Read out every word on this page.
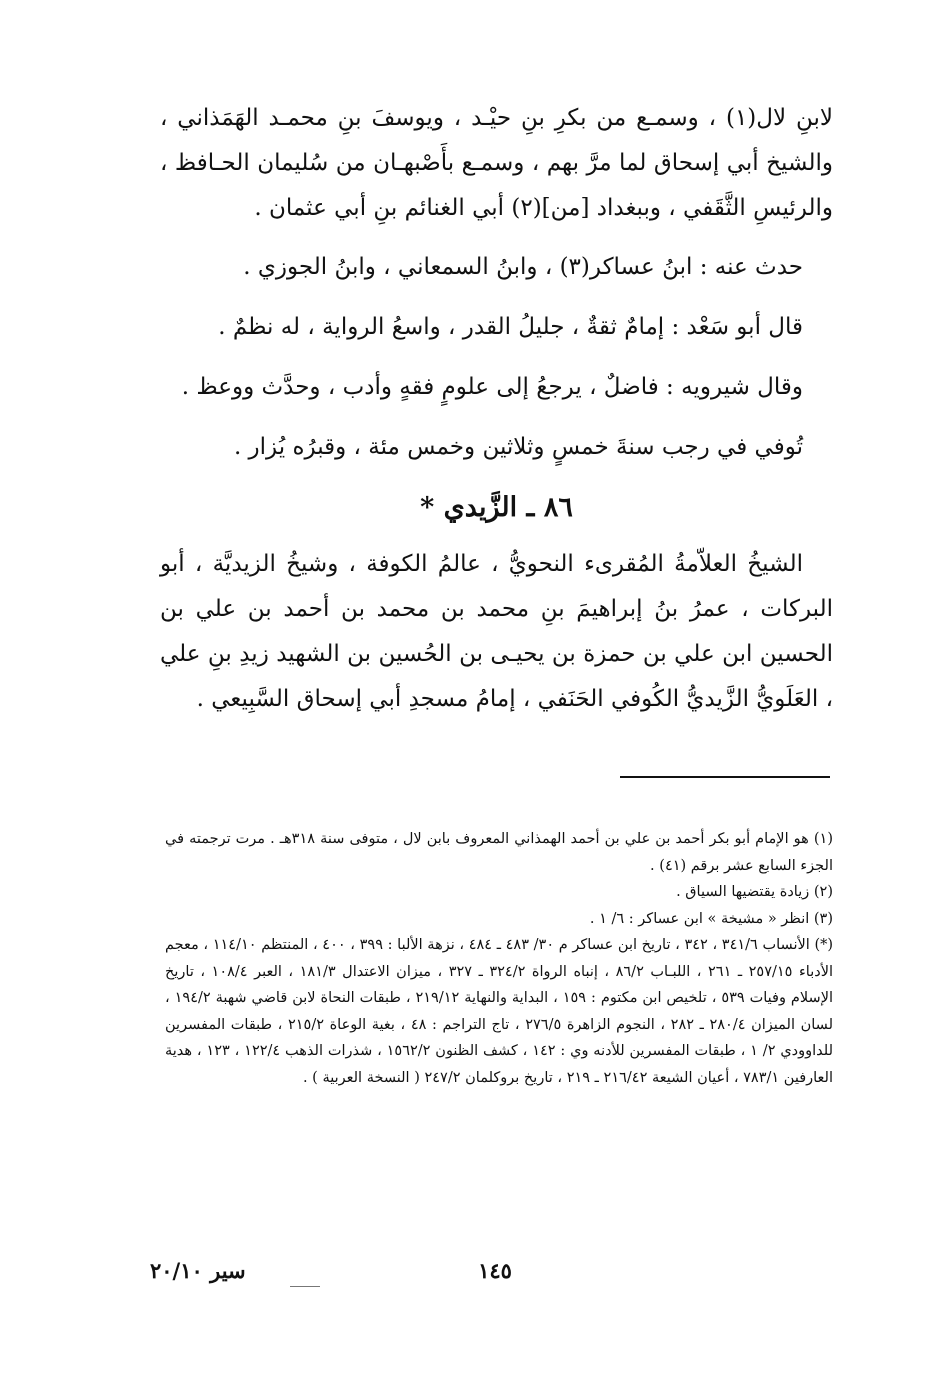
لابنِ لال(١) ، وسمـع من بكرِ بنِ حيْـد ، ويوسفَ بنِ محمـد الهَمَذاني ، والشيخ أبي إسحاق لما مرَّ بهم ، وسمـع بأَصْبهـان من سُليمان الحـافظ ، والرئيسِ الثَّقَفي ، وببغداد [من](٢) أبي الغنائم بنِ أبي عثمان .

حدث عنه : ابنُ عساكر(٣) ، وابنُ السمعاني ، وابنُ الجوزي .

قال أبو سَعْد : إمامٌ ثقةٌ ، جليلُ القدر ، واسعُ الرواية ، له نظمٌ .

وقال شيرويه : فاضلٌ ، يرجعُ إلى علومٍ فقهٍ وأدب ، وحدَّث ووعظ .

تُوفي في رجب سنةَ خمسٍ وثلاثين وخمس مئة ، وقبرُه يُزار .

٨٦ ـ الزَّيدي *

الشيخُ العلاّمةُ المُقرىء النحويُّ ، عالمُ الكوفة ، وشيخُ الزيديَّة ، أبو البركات ، عمرُ بنُ إبراهيمَ بنِ محمد بن محمد بن أحمد بن علي بن الحسين ابن علي بن حمزة بن يحيـى بن الحُسين بن الشهيد زيدِ بنِ علي ، العَلَويُّ الزَّيديُّ الكُوفي الحَنَفي ، إمامُ مسجدِ أبي إسحاق السَّبِيعي .

(١) هو الإمام أبو بكر أحمد بن علي بن أحمد الهمذاني المعروف بابن لال ، متوفى سنة ٣١٨هـ . مرت ترجمته في الجزء السابع عشر برقم (٤١) .

(٢) زيادة يقتضيها السياق .

(٣) انظر « مشيخة » ابن عساكر : ٦/ ١ .

(*) الأنساب ٣٤١/٦ ، ٣٤٢ ، تاريخ ابن عساكر م ٣٠/ ٤٨٣ ـ ٤٨٤ ، نزهة الألبا : ٣٩٩ ، ٤٠٠ ، المنتظم ١١٤/١٠ ، معجم الأدباء ٢٥٧/١٥ ـ ٢٦١ ، اللبـاب ٨٦/٢ ، إنباه الرواة ٣٢٤/٢ ـ ٣٢٧ ، ميزان الاعتدال ١٨١/٣ ، العبر ١٠٨/٤ ، تاريخ الإسلام وفيات ٥٣٩ ، تلخيص ابن مكتوم : ١٥٩ ، البداية والنهاية ٢١٩/١٢ ، طبقات النحاة لابن قاضي شهبة ١٩٤/٢ ، لسان الميزان ٢٨٠/٤ ـ ٢٨٢ ، النجوم الزاهرة ٢٧٦/٥ ، تاج التراجم : ٤٨ ، بغية الوعاة ٢١٥/٢ ، طبقات المفسرين للداوودي ٢/ ١ ، طبقات المفسرين للأدنه وي : ١٤٢ ، كشف الظنون ١٥٦٢/٢ ، شذرات الذهب ١٢٢/٤ ، ١٢٣ ، هدية العارفين ٧٨٣/١ ، أعيان الشيعة ٢١٦/٤٢ ـ ٢١٩ ، تاريخ بروكلمان ٢٤٧/٢ ( النسخة العربية ) .

١٤٥
سير ٢٠/١٠
